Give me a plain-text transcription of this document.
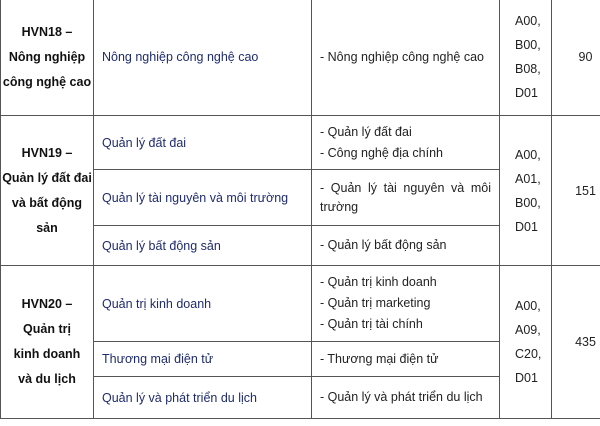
HVN18 –
Nông nghiệp
công nghệ cao	Nông nghiệp công nghệ cao	- Nông nghiệp công nghệ cao	A00,
B00,
B08,
D01	90

HVN19 –
Quản lý đất đai
và bất động sản	Quản lý đất đai	- Quản lý đất đai
- Công nghệ địa chính	A00,
A01,
B00,
D01	151
	Quản lý tài nguyên và môi trường	- Quản lý tài nguyên và môi trường		
	Quản lý bất động sản	- Quản lý bất động sản		

HVN20 –
Quản trị
kinh doanh
và du lịch	Quản trị kinh doanh	- Quản trị kinh doanh
- Quản trị marketing
- Quản trị tài chính	A00,
A09,
C20,
D01	435
	Thương mại điện tử	- Thương mại điện tử		
	Quản lý và phát triển du lịch	- Quản lý và phát triển du lịch		
